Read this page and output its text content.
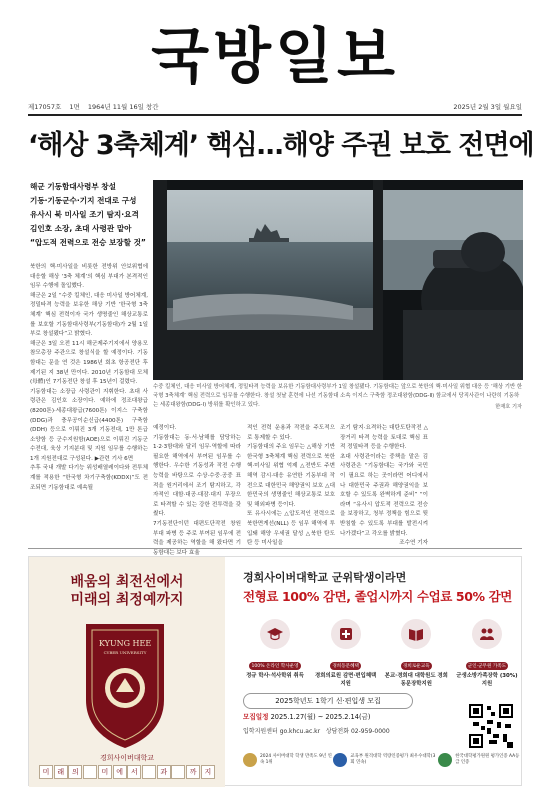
국방일보
제17057호 1면 1964년 11월 16일 창간	2025년 2월 3일 월요일
‘해상 3축체계’ 핵심…해양 주권 보호 전면에
해군 기동함대사령부 창설
기동·기동군수·기지 전대로 구성
유사시 북 미사일 조기 탐지·요격
김인호 소장, 초대 사령관 맡아
“압도적 전력으로 전승 보장할 것”

북한의 핵·미사일을 비롯한 전방위 안보위협에 대응할 해상 ‘3축 체계’의 핵심 부대가 본격적인 임무 수행에 돌입했다.

해군은 2일 “수중 킬체인, 대응 미사일 방어체계, 정밀타격 능력을 보유한 해상 기반 ‘한국형 3축체계’ 핵심 전력이자 국가 생명줄인 해상교통로를 보호할 기동함대사령부(기동함대)가 2월 1일부로 창설됐다”고 밝혔다.

해군은 3일 오전 11시 해군제주기지에서 양용모 참모총장 주관으로 창설식을 할 예정이다. 기동함대는 문을 연 것은 1986년 회초 항공전단 후 제기된 지 38년 만이다. 2010년 기동함대 모체(母體)인 7기동전단 창설 후 15년이 걸렸다.

기동함대는 소장급 사령관이 지휘한다. 초대 사령관은 김인호 소장이다. 예하에 정조대왕급(8200톤)·세종대왕급(7600톤) 이지스 구축함(DDG)과 충무공이순신급(4400톤) 구축함(DDH) 등으로 이뤄진 3개 기동전대, 1만 톤급 소양함 등 군수지원함(AOE)으로 이뤄진 기동군수전대, 육상 기지분대 및 지원 임무를 수행하는 1개 지원전대로 구성된다. ▶관련 기사 6면

추후 국내 개발 다기능 위성배열레이다와 전투체계를 적용한 “한국형 차기구축함(KDDX)”도 전조되면 기동함대로 예속될

수중 킬체인, 대응 미사일 방어체계, 정밀타격 능력을 보유한 기동함대사령부가 1일 창설됐다. 기동함대는 앞으로 북한의 핵·미사일 위협 대응 등 ‘해상 기반 한국형 3축체계’ 핵심 전력으로 임무를 수행한다. 창설 첫날 훈련에 나선 기동함대 소속 이지스 구축함 정조대왕함(DDG-Ⅱ) 함교에서 당직사관이 나란히 기동하는 세종대왕함(DDG-Ⅰ) 방위를 확인하고 있다.	한재호 기자

예정이다.

기동함대는 동·서·남해를 담당하는 1·2·3함대와 달리 임무·역할에 따라 필요한 해역에서 부여된 임무를 수행한다. 우수한 기동성과 작전 수행능력을 바탕으로 수상·수중·공중 표적을 원거리에서 조기 탐지하고, 각 자적인 대함·대공·대잠·대지 무장으로 타격할 수 있는 강한 전투력을 갖췄다.

7기동전단이던 대편도단작전 창원부대 파병 등 주로 부여된 임무에 전력을 제공하는 역할을 해 왔다면 기동함대는 보다 효율

적인 전력 운용과 작전을 주도적으로 통제할 수 있다.

기동함대의 주요 임무는 △해상 기반 한국형 3축체계 핵심 전력으로 북한 핵·미사일 위협 억제 △전반도 주변 해역 감시·대응 유연한 기동부대 작전으로 대한민국 해양권익 보호 △대한민국의 생명줄인 해상교통로 보호 및 해외파병 등이다.

또 유사시에는 △압도적인 전력으로 북한면게선(NLL) 등 임무 해역에 투입돼 해양 우세권 달성 △북한 탄도탄 등 미사일을

조기 탐지·요격하는 대탄도탄작전 △장거리 타격 능력을 토대로 핵심 표적 정밀타격 등을 수행한다.

초대 사령관이라는 중책을 맡은 김 사령관은 “기동함대는 국가와 국민이 필요로 하는 곳이라면 어디에서나 대한민국 주권과 해양권익을 보호할 수 있도록 완벽하게 준비” “이라며 “유사시 압도적 전력으로 전승을 보장하고, 청부 정책을 힘으로 뒷받침할 수 있도록 부대를 발전시켜 나가겠다”고 각오를 밝혔다.

조수연 기자

배움의 최전선에서
미래의 최정예까지
KYUNG HEE
CYBER UNIVERSITY
경희사이버대학교
미	래	의	미	에	서	과	까	지
경희사이버대학교 군위탁생이라면
전형료 100% 감면, 졸업시까지 수업료 50% 감면
100% 온라인 학사운영
정규 학사·석사학위 취득
경희동문혜택
경희의료원 감면·편입혜택 지원
경희로운교육
본교·경희대 대학원도 경희동문장학지원
군인·군무원 가족도
군생소방가족장학 (30%) 지원
2025학년도 1학기 신·편입생 모집
모집일정 2025.1.27(월) ~ 2025.2.14(금)
입학지원센터 go.khcu.ac.kr 상담전화 02-959-0000
2024 사이버대학 학생 만족도 9년 연속 1위
교육부 원격대학 역량인증평가 최우수대학(3회 연속)
한국대학평가원원 평가인증 AA등급 인증
